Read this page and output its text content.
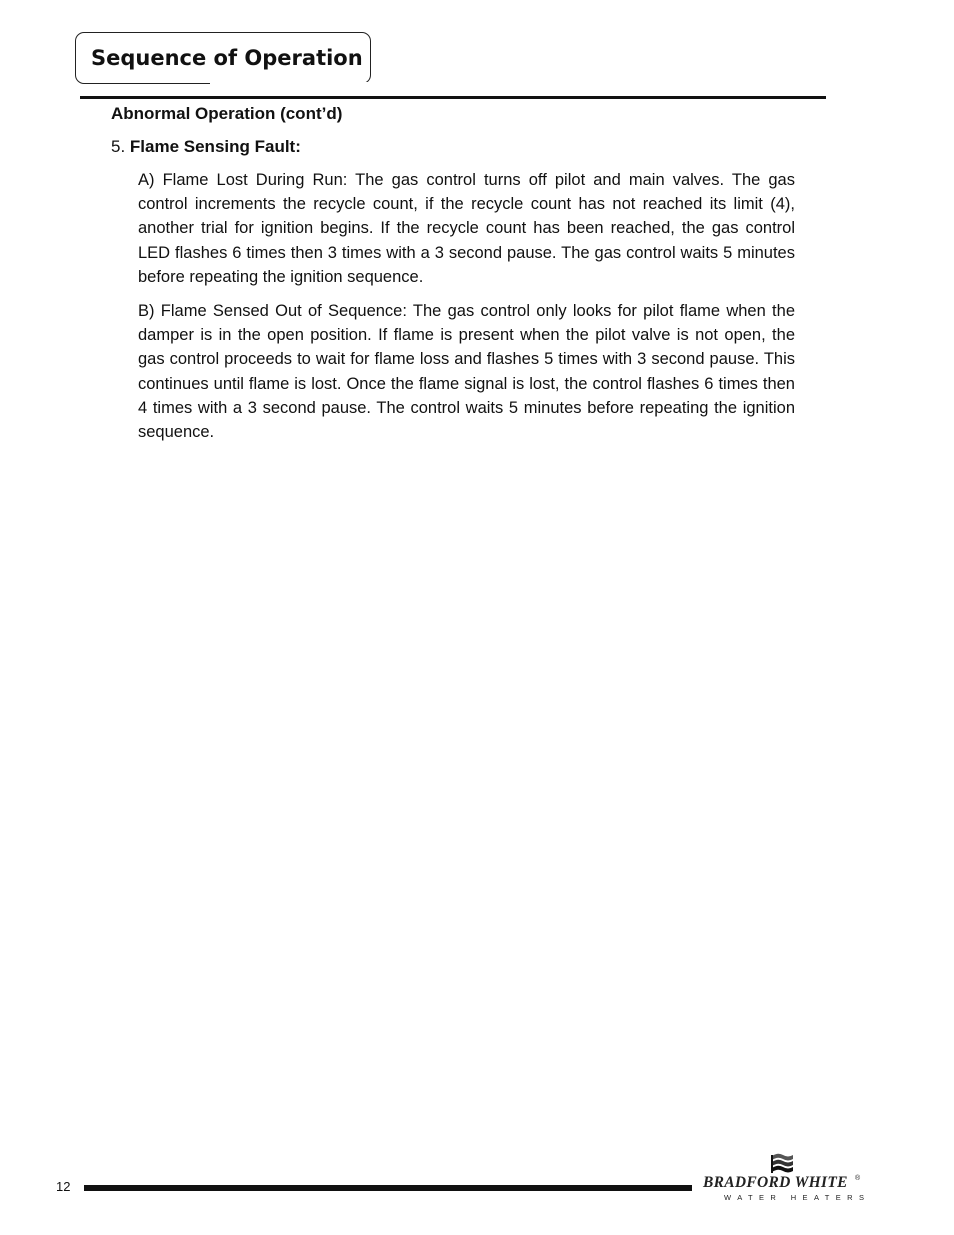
Sequence of Operation
Abnormal Operation (cont’d)
5. Flame Sensing Fault:

A) Flame Lost During Run: The gas control turns off pilot and main valves. The gas control increments the recycle count, if the recycle count has not reached its limit (4), another trial for ignition begins. If the recycle count has been reached, the gas control LED flashes 6 times then 3 times with a 3 second pause. The gas control waits 5 minutes before repeating the ignition sequence.

B) Flame Sensed Out of Sequence: The gas control only looks for pilot flame when the damper is in the open position. If flame is present when the pilot valve is not open, the gas control proceeds to wait for flame loss and flashes 5 times with 3 second pause. This continues until flame is lost. Once the flame signal is lost, the control flashes 6 times then 4 times with a 3 second pause. The control waits 5 minutes before repeating the ignition sequence.

12	BRADFORD WHITE ®
WATER HEATERS
